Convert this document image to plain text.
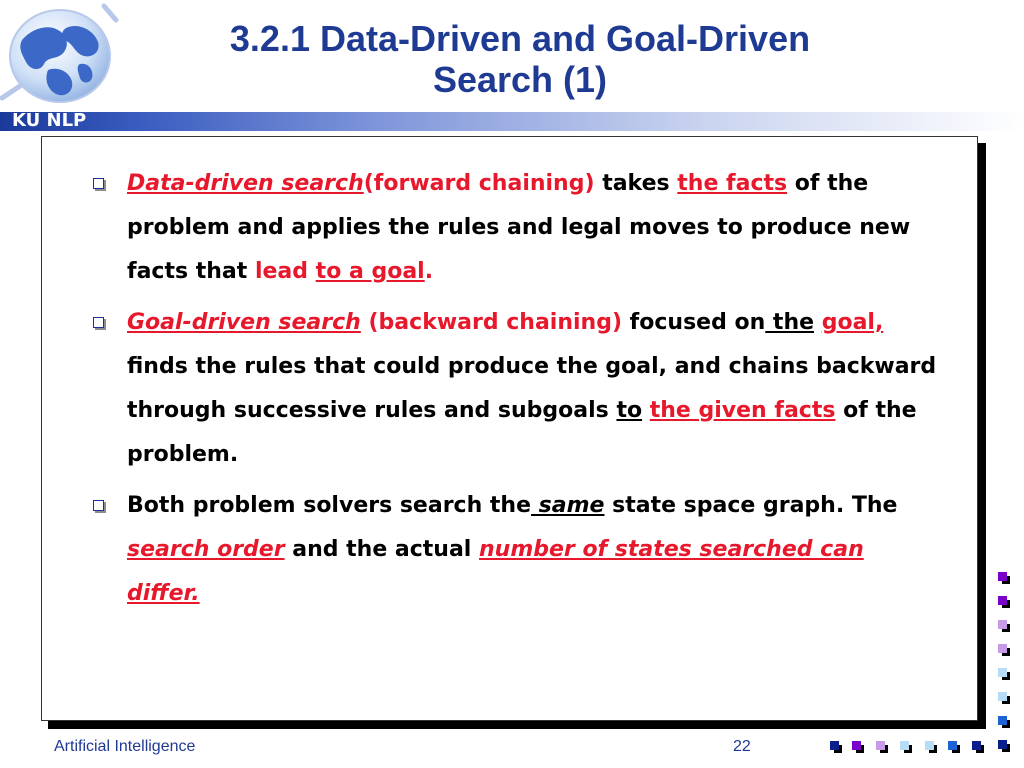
KU NLP
3.2.1 Data-Driven and Goal-Driven
Search (1)
Data-driven search(forward chaining) takes the facts of the problem and applies the rules and legal moves to produce new facts that lead to a goal.
Goal-driven search (backward chaining) focused on the goal, finds the rules that could produce the goal, and chains backward through successive rules and subgoals to the given facts of the problem.
Both problem solvers search the same state space graph. The search order and the actual number of states searched can differ.
Artificial Intelligence	22
